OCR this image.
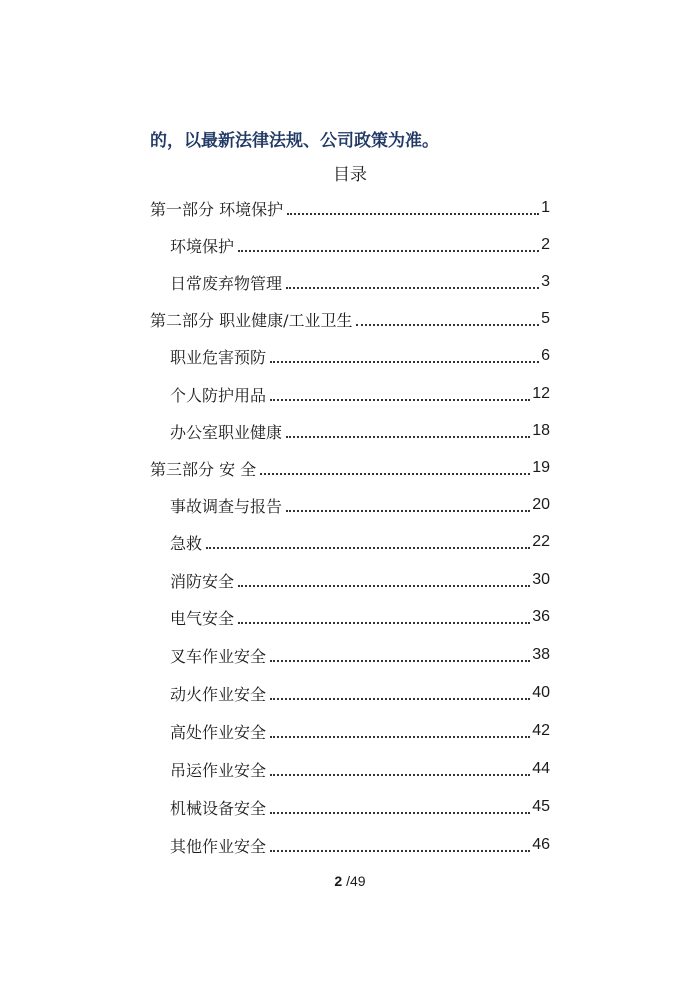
的，以最新法律法规、公司政策为准。

目录
第一部分 环境保护	1
环境保护	2
日常废弃物管理	3
第二部分 职业健康/工业卫生	5
职业危害预防	6
个人防护用品	12
办公室职业健康	18
第三部分 安 全	19
事故调查与报告	20
急救	22
消防安全	30
电气安全	36
叉车作业安全	38
动火作业安全	40
高处作业安全	42
吊运作业安全	44
机械设备安全	45
其他作业安全	46
2 /49
